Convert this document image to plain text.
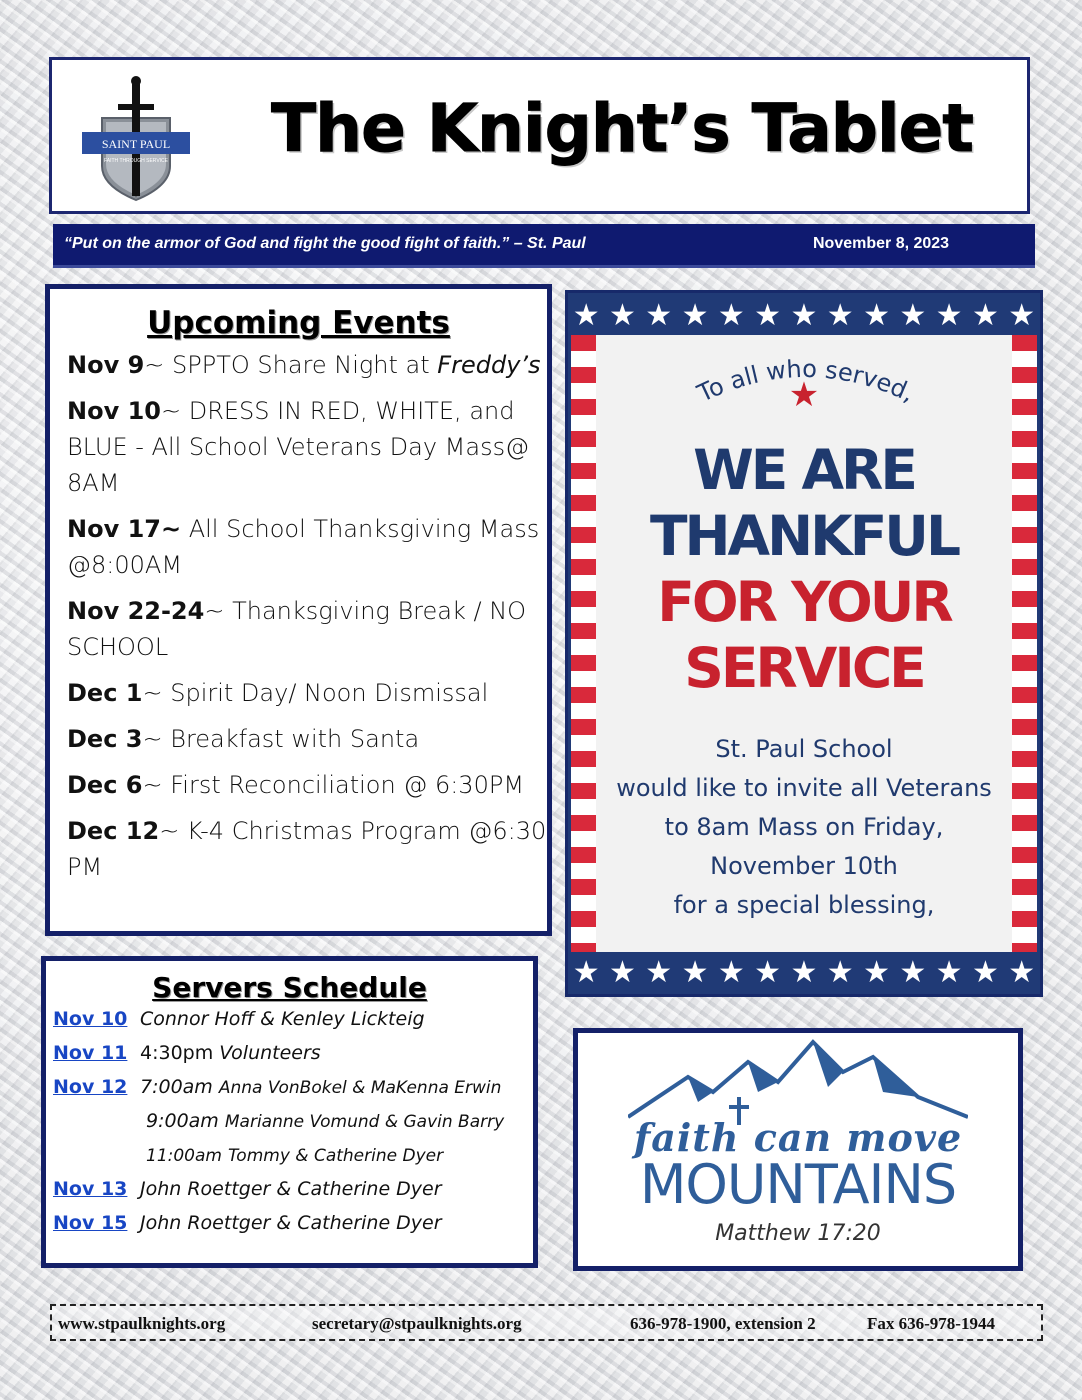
SAINT PAUL
FAITH THROUGH SERVICE	The Knight’s Tablet
“Put on the armor of God and fight the good fight of faith.” – St. Paul	November 8, 2023
Upcoming Events
Nov 9~ SPPTO Share Night at Freddy’s
Nov 10~ DRESS IN RED, WHITE, and BLUE - All School Veterans Day Mass@ 8AM
Nov 17~ All School Thanksgiving Mass @8:00AM
Nov 22-24~ Thanksgiving Break / NO SCHOOL
Dec 1~ Spirit Day/ Noon Dismissal
Dec 3~ Breakfast with Santa
Dec 6~ First Reconciliation @ 6:30PM
Dec 12~ K-4 Christmas Program @6:30 PM
Servers Schedule
Nov 10 Connor Hoff & Kenley Lickteig
Nov 11 4:30pm Volunteers
Nov 12 7:00am Anna VonBokel & MaKenna Erwin
9:00am Marianne Vomund & Gavin Barry
11:00am Tommy & Catherine Dyer
Nov 13 John Roettger & Catherine Dyer
Nov 15 John Roettger & Catherine Dyer
★ ★ ★ ★ ★ ★ ★ ★ ★ ★ ★ ★ ★
To all who served,
★
WE ARE
THANKFUL
FOR YOUR
SERVICE
St. Paul School
would like to invite all Veterans
to 8am Mass on Friday,
November 10th
for a special blessing,
★ ★ ★ ★ ★ ★ ★ ★ ★ ★ ★ ★ ★
faith can move
MOUNTAINS
Matthew 17:20
www.stpaulknights.org	secretary@stpaulknights.org	636-978-1900, extension 2	Fax 636-978-1944
